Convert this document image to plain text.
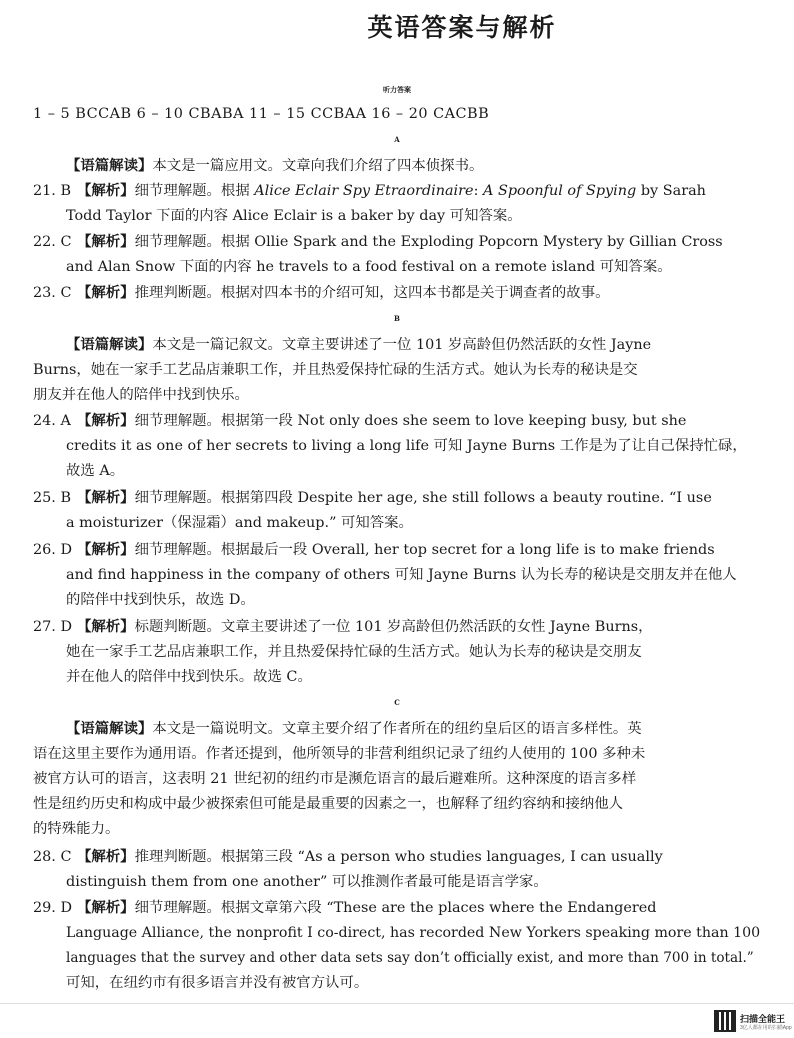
英语答案与解析
听力答案
1 – 5 BCCAB 6 – 10 CBABA 11 – 15 CCBAA 16 – 20 CACBB
A
【语篇解读】本文是一篇应用文。文章向我们介绍了四本侦探书。
21. B 【解析】细节理解题。根据 Alice Eclair Spy Etraordinaire: A Spoonful of Spying by Sarah
Todd Taylor 下面的内容 Alice Eclair is a baker by day 可知答案。
22. C 【解析】细节理解题。根据 Ollie Spark and the Exploding Popcorn Mystery by Gillian Cross
and Alan Snow 下面的内容 he travels to a food festival on a remote island 可知答案。
23. C 【解析】推理判断题。根据对四本书的介绍可知，这四本书都是关于调查者的故事。
B
【语篇解读】本文是一篇记叙文。文章主要讲述了一位 101 岁高龄但仍然活跃的女性 Jayne
Burns，她在一家手工艺品店兼职工作，并且热爱保持忙碌的生活方式。她认为长寿的秘诀是交
朋友并在他人的陪伴中找到快乐。
24. A 【解析】细节理解题。根据第一段 Not only does she seem to love keeping busy, but she
credits it as one of her secrets to living a long life 可知 Jayne Burns 工作是为了让自己保持忙碌，
故选 A。
25. B 【解析】细节理解题。根据第四段 Despite her age, she still follows a beauty routine. “I use
a moisturizer（保湿霜）and makeup.” 可知答案。
26. D 【解析】细节理解题。根据最后一段 Overall, her top secret for a long life is to make friends
and find happiness in the company of others 可知 Jayne Burns 认为长寿的秘诀是交朋友并在他人
的陪伴中找到快乐，故选 D。
27. D 【解析】标题判断题。文章主要讲述了一位 101 岁高龄但仍然活跃的女性 Jayne Burns，
她在一家手工艺品店兼职工作，并且热爱保持忙碌的生活方式。她认为长寿的秘诀是交朋友
并在他人的陪伴中找到快乐。故选 C。
C
【语篇解读】本文是一篇说明文。文章主要介绍了作者所在的纽约皇后区的语言多样性。英
语在这里主要作为通用语。作者还提到，他所领导的非营利组织记录了纽约人使用的 100 多种未
被官方认可的语言，这表明 21 世纪初的纽约市是濒危语言的最后避难所。这种深度的语言多样
性是纽约历史和构成中最少被探索但可能是最重要的因素之一，也解释了纽约容纳和接纳他人
的特殊能力。
28. C 【解析】推理判断题。根据第三段 “As a person who studies languages, I can usually
distinguish them from one another” 可以推测作者最可能是语言学家。
29. D 【解析】细节理解题。根据文章第六段 “These are the places where the Endangered
Language Alliance, the nonprofit I co-direct, has recorded New Yorkers speaking more than 100
languages that the survey and other data sets say don’t officially exist, and more than 700 in total.”
可知，在纽约市有很多语言并没有被官方认可。
扫描全能王
3亿人都在用的扫描App
